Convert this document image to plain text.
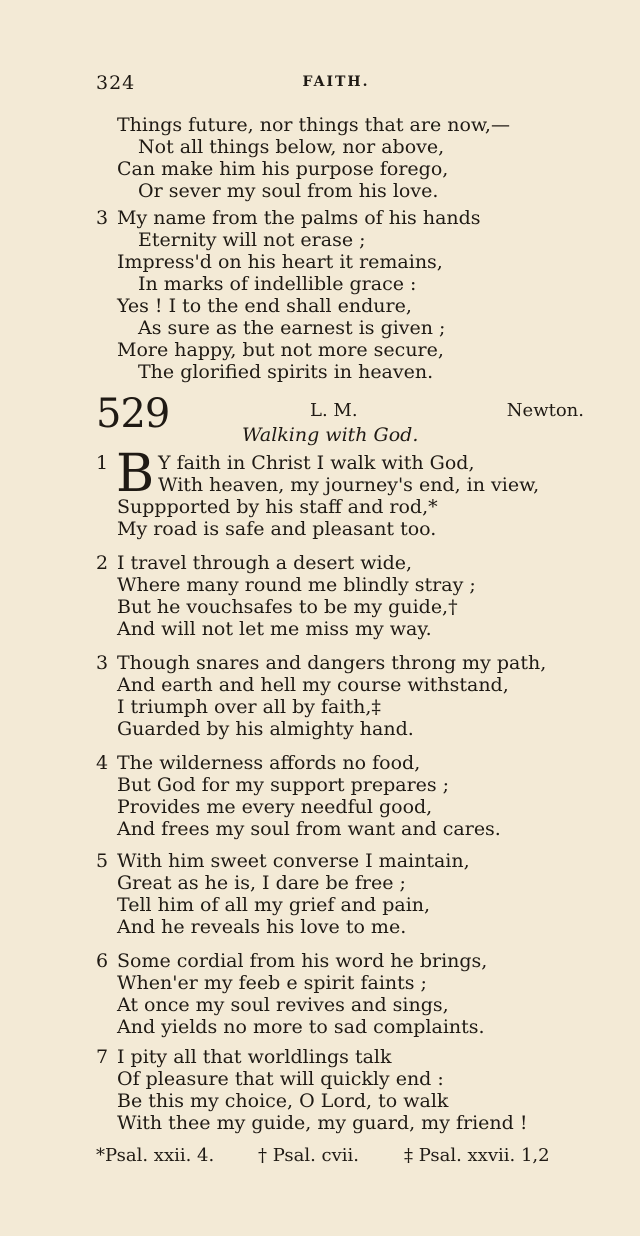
324	FAITH.
Things future, nor things that are now,—
Not all things below, nor above,
Can make him his purpose forego,
Or sever my soul from his love.
3 My name from the palms of his hands
Eternity will not erase ;
Impress'd on his heart it remains,
In marks of indellible grace :
Yes ! I to the end shall endure,
As sure as the earnest is given ;
More happy, but not more secure,
The glorified spirits in heaven.
529	L. M.	Newton.
Walking with God.
1 B Y faith in Christ I walk with God,
With heaven, my journey's end, in view,
Suppported by his staff and rod,*
My road is safe and pleasant too.
2 I travel through a desert wide,
Where many round me blindly stray ;
But he vouchsafes to be my guide,†
And will not let me miss my way.
3 Though snares and dangers throng my path,
And earth and hell my course withstand,
I triumph over all by faith,‡
Guarded by his almighty hand.
4 The wilderness affords no food,
But God for my support prepares ;
Provides me every needful good,
And frees my soul from want and cares.
5 With him sweet converse I maintain,
Great as he is, I dare be free ;
Tell him of all my grief and pain,
And he reveals his love to me.
6 Some cordial from his word he brings,
When'er my feeb e spirit faints ;
At once my soul revives and sings,
And yields no more to sad complaints.
7 I pity all that worldlings talk
Of pleasure that will quickly end :
Be this my choice, O Lord, to walk
With thee my guide, my guard, my friend !
*Psal. xxii. 4. † Psal. cvii. ‡ Psal. xxvii. 1,2
